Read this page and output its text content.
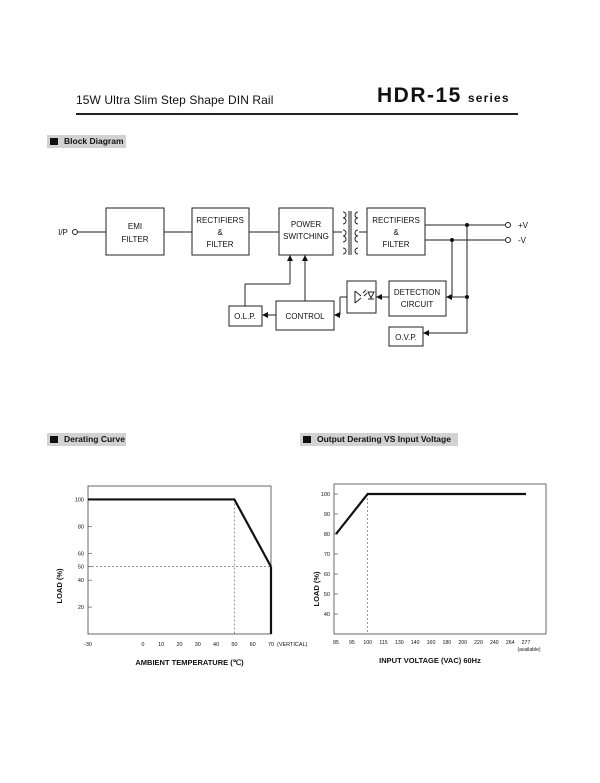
15W Ultra Slim Step Shape DIN Rail	HDR-15 series
Block Diagram
Derating Curve	Output Derating VS Input Voltage
I/P
EMI
FILTER
RECTIFIERS
&
FILTER
POWER
SWITCHING
RECTIFIERS
&
FILTER
O.L.P.	CONTROL
DETECTION
CIRCUIT
O.V.P.
+V
-V
20
40
50
60
80
100
-30	0 10 20 30 40 50 60 70 (VERTICAL)
AMBIENT TEMPERATURE (℃)
LOAD (%)
40
50
60
70
80
90
100
85 95 100 115 130 140 160 180 200 220 240 264 277
(available)
INPUT VOLTAGE (VAC) 60Hz
LOAD (%)
